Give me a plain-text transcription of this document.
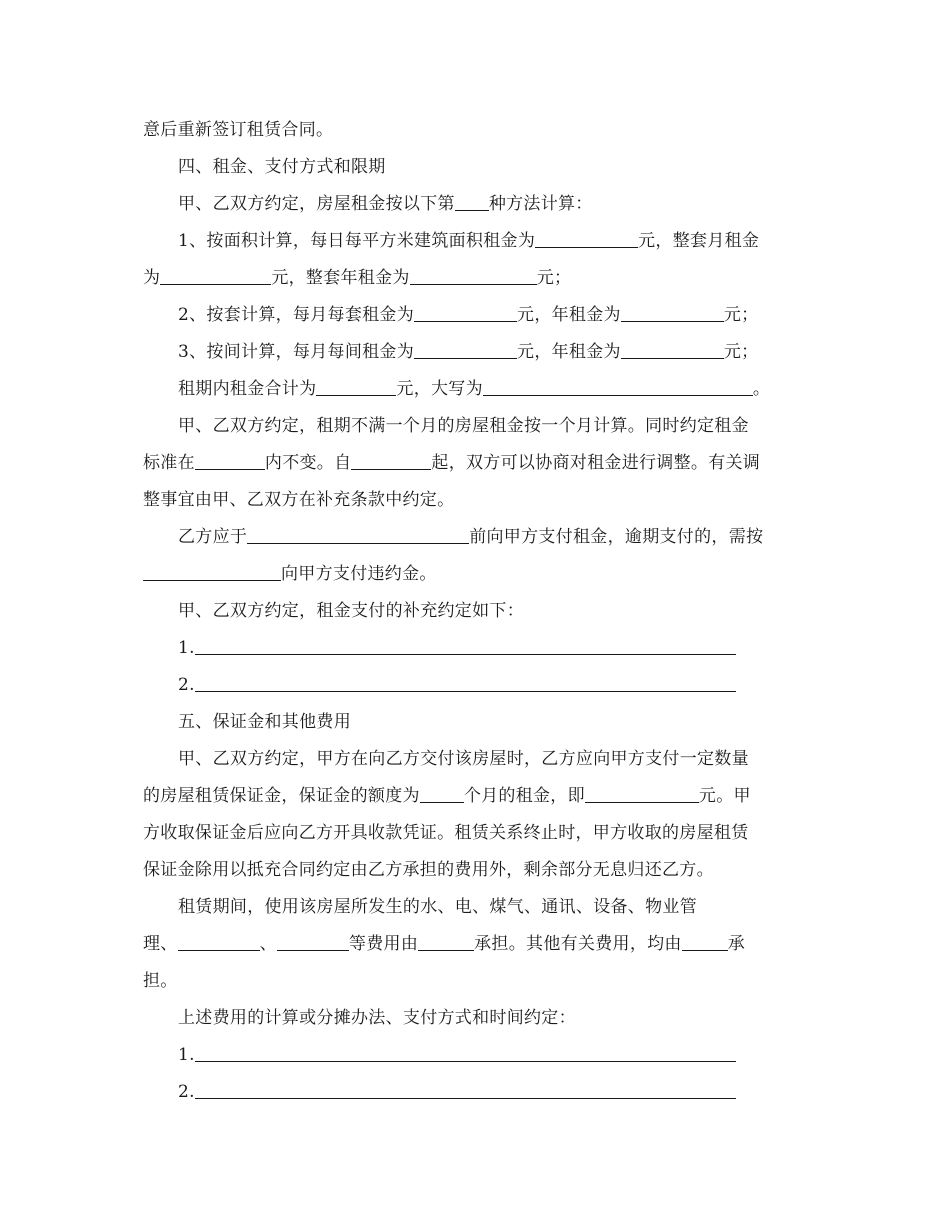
意后重新签订租赁合同。
四、租金、支付方式和限期
甲、乙双方约定，房屋租金按以下第 种方法计算：
1、按面积计算，每日每平方米建筑面积租金为	元，整套月租金
为	元，整套年租金为	元；
2、按套计算，每月每套租金为	元，年租金为	元；
3、按间计算，每月每间租金为	元，年租金为	元；
租期内租金合计为	元，大写为	。
甲、乙双方约定，租期不满一个月的房屋租金按一个月计算。同时约定租金
标准在	内不变。自	起，双方可以协商对租金进行调整。有关调
整事宜由甲、乙双方在补充条款中约定。
乙方应于	前向甲方支付租金，逾期支付的，需按
向甲方支付违约金。
甲、乙双方约定，租金支付的补充约定如下：
1.
2.
五、保证金和其他费用
甲、乙双方约定，甲方在向乙方交付该房屋时，乙方应向甲方支付一定数量
的房屋租赁保证金，保证金的额度为	个月的租金，即	元。甲
方收取保证金后应向乙方开具收款凭证。租赁关系终止时，甲方收取的房屋租赁
保证金除用以抵充合同约定由乙方承担的费用外，剩余部分无息归还乙方。
租赁期间，使用该房屋所发生的水、电、煤气、通讯、设备、物业管
理、	、	等费用由	承担。其他有关费用，均由	承
担。
上述费用的计算或分摊办法、支付方式和时间约定：
1.
2.
